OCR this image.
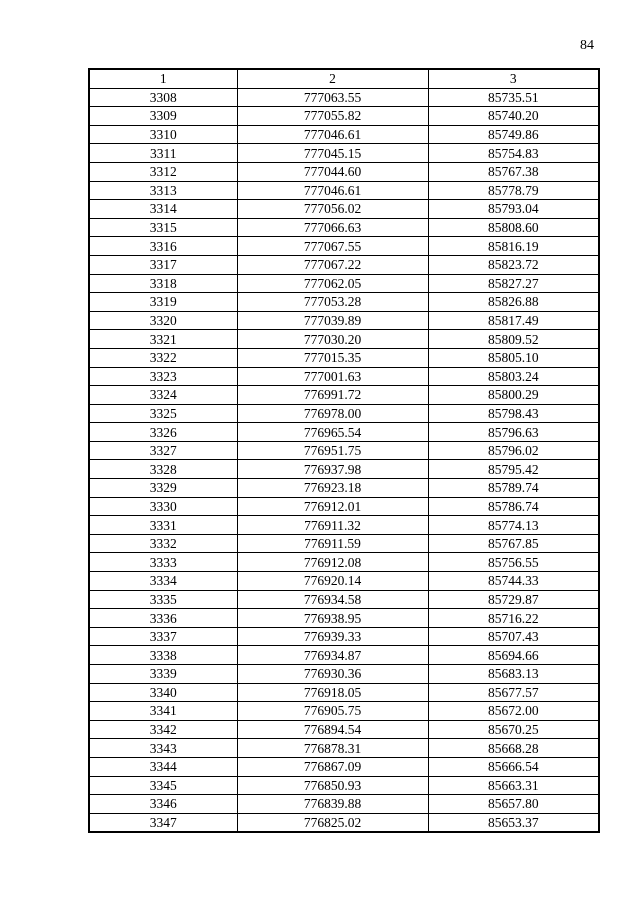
84
1	2	3
3308	777063.55	85735.51
3309	777055.82	85740.20
3310	777046.61	85749.86
3311	777045.15	85754.83
3312	777044.60	85767.38
3313	777046.61	85778.79
3314	777056.02	85793.04
3315	777066.63	85808.60
3316	777067.55	85816.19
3317	777067.22	85823.72
3318	777062.05	85827.27
3319	777053.28	85826.88
3320	777039.89	85817.49
3321	777030.20	85809.52
3322	777015.35	85805.10
3323	777001.63	85803.24
3324	776991.72	85800.29
3325	776978.00	85798.43
3326	776965.54	85796.63
3327	776951.75	85796.02
3328	776937.98	85795.42
3329	776923.18	85789.74
3330	776912.01	85786.74
3331	776911.32	85774.13
3332	776911.59	85767.85
3333	776912.08	85756.55
3334	776920.14	85744.33
3335	776934.58	85729.87
3336	776938.95	85716.22
3337	776939.33	85707.43
3338	776934.87	85694.66
3339	776930.36	85683.13
3340	776918.05	85677.57
3341	776905.75	85672.00
3342	776894.54	85670.25
3343	776878.31	85668.28
3344	776867.09	85666.54
3345	776850.93	85663.31
3346	776839.88	85657.80
3347	776825.02	85653.37
